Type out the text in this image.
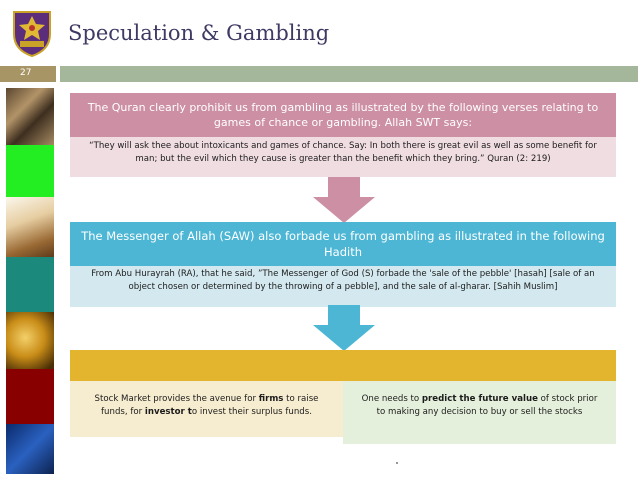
Speculation & Gambling
27
The Quran clearly prohibit us from gambling as illustrated by the following verses relating to games of chance or gambling. Allah SWT says:
“They will ask thee about intoxicants and games of chance. Say: In both there is great evil as well as some benefit for man; but the evil which they cause is greater than the benefit which they bring.” Quran (2: 219)
The Messenger of Allah (SAW) also forbade us from gambling as illustrated in the following Hadith
From Abu Hurayrah (RA), that he said, ”The Messenger of God (S) forbade the 'sale of the pebble' [hasah] [sale of an object chosen or determined by the throwing of a pebble], and the sale of al-gharar. [Sahih Muslim]
Stock Market provides the avenue for firms to raise funds, for investor to invest their surplus funds.
One needs to predict the future value of stock prior to making any decision to buy or sell the stocks
